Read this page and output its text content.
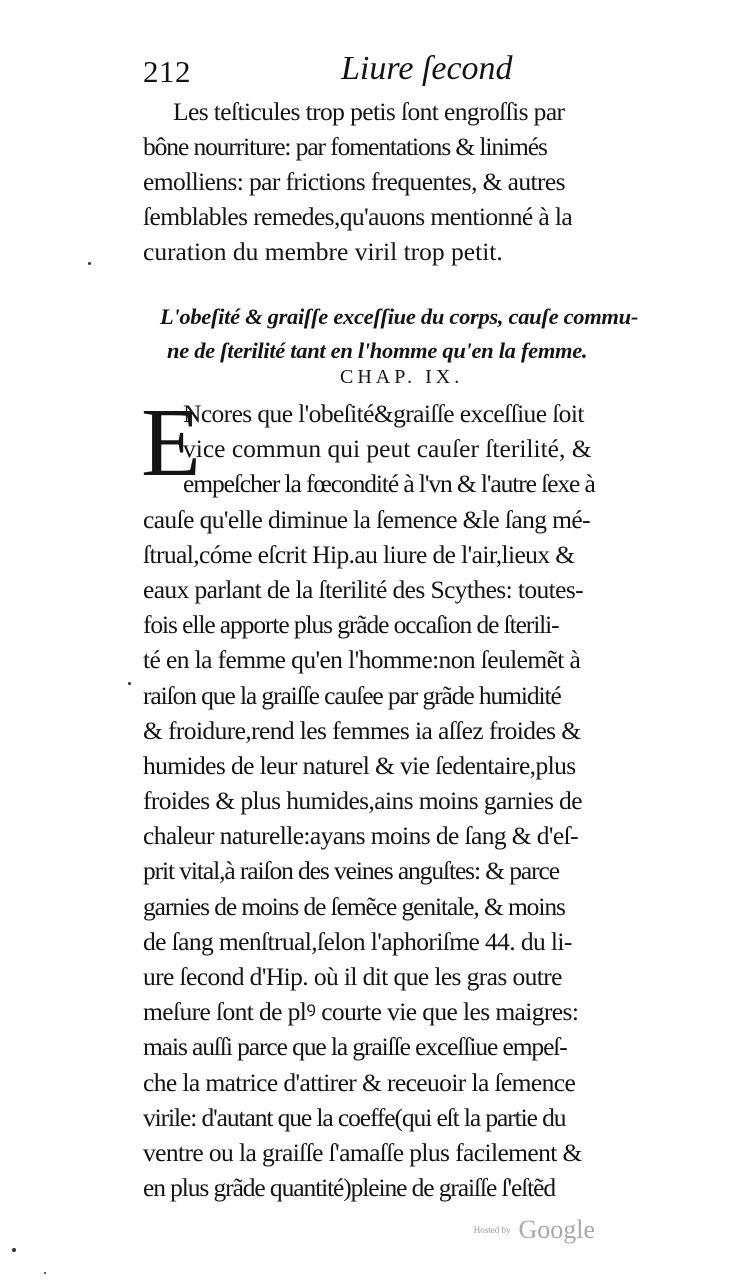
212	Liure ſecond
Les teſticules trop petis ſont engroſſis par
bône nourriture: par fomentations & linimés
emolliens: par frictions frequentes, & autres
ſemblables remedes,qu'auons mentionné à la
curation du membre viril trop petit.
L'obeſité & graiſſe exceſſiue du corps, cauſe commu-
ne de ſterilité tant en l'homme qu'en la femme.
CHAP. IX.
E
Ncores que l'obeſité&graiſſe exceſſiue ſoit
vice commun qui peut cauſer ſterilité, &
empeſcher la fœcondité à l'vn & l'autre ſexe à
cauſe qu'elle diminue la ſemence &le ſang mé-
ſtrual,cóme eſcrit Hip.au liure de l'air,lieux &
eaux parlant de la ſterilité des Scythes: toutes-
fois elle apporte plus grãde occaſion de ſterili-
té en la femme qu'en l'homme:non ſeulemẽt à
raiſon que la graiſſe cauſee par grãde humidité
& froidure,rend les femmes ia aſſez froides &
humides de leur naturel & vie ſedentaire,plus
froides & plus humides,ains moins garnies de
chaleur naturelle:ayans moins de ſang & d'eſ-
prit vital,à raiſon des veines anguſtes: & parce
garnies de moins de ſemẽce genitale, & moins
de ſang menſtrual,ſelon l'aphoriſme 44. du li-
ure ſecond d'Hip. où il dit que les gras outre
meſure ſont de plꝰ courte vie que les maigres:
mais auſſi parce que la graiſſe exceſſiue empeſ-
che la matrice d'attirer & receuoir la ſemence
virile: d'autant que la coeffe(qui eſt la partie du
ventre ou la graiſſe ſ'amaſſe plus facilement &
en plus grãde quantité)pleine de graiſſe ſ'eſtẽd
Hosted by Google
